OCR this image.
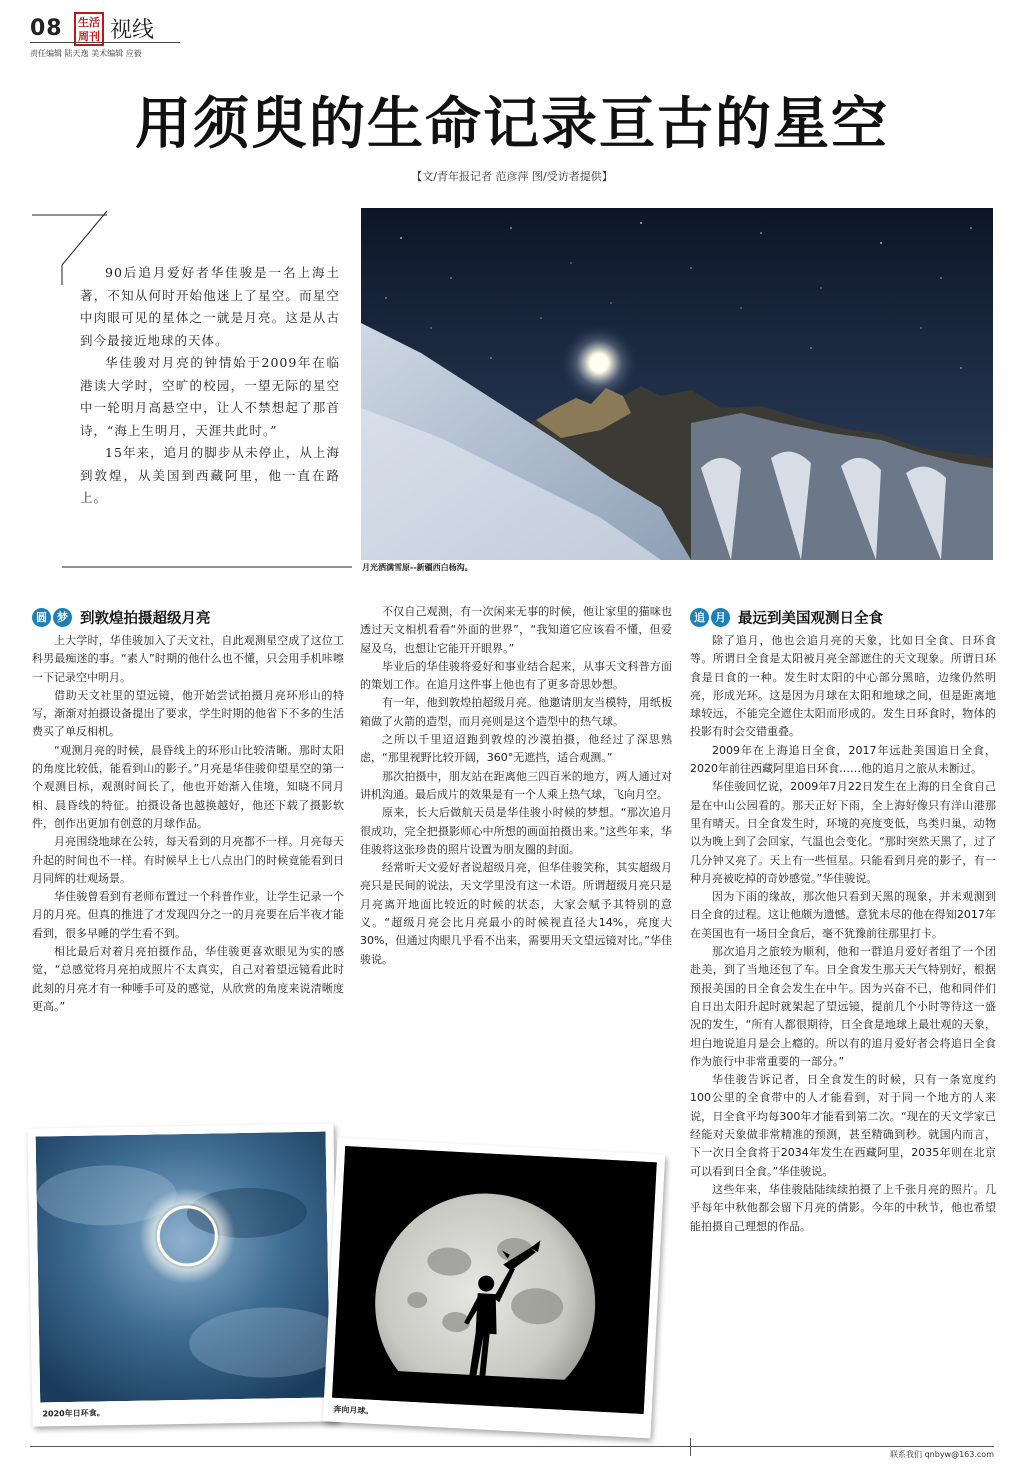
08	生活周刊 视线
责任编辑 陆天逸 美术编辑 应毅
用须臾的生命记录亘古的星空
【文/青年报记者 范彦萍 图/受访者提供】

90后追月爱好者华佳骏是一名上海土著，不知从何时开始他迷上了星空。而星空中肉眼可见的星体之一就是月亮。这是从古到今最接近地球的天体。

华佳骏对月亮的钟情始于2009年在临港读大学时，空旷的校园，一望无际的星空中一轮明月高悬空中，让人不禁想起了那首诗，“海上生明月，天涯共此时。”

15年来，追月的脚步从未停止，从上海到敦煌，从美国到西藏阿里，他一直在路上。

月光洒满雪原--新疆西白杨沟。
圆 梦 到敦煌拍摄超级月亮

上大学时，华佳骏加入了天文社，自此观测星空成了这位工科男最痴迷的事。“素人”时期的他什么也不懂，只会用手机咔嚓一下记录空中明月。

借助天文社里的望远镜，他开始尝试拍摄月亮环形山的特写，渐渐对拍摄设备提出了要求，学生时期的他省下不多的生活费买了单反相机。

“观测月亮的时候，晨昏线上的环形山比较清晰。那时太阳的角度比较低，能看到山的影子。”月亮是华佳骏仰望星空的第一个观测目标，观测时间长了，他也开始渐入佳境，知晓不同月相、晨昏线的特征。拍摄设备也越换越好，他还下载了摄影软件，创作出更加有创意的月球作品。

月亮围绕地球在公转，每天看到的月亮都不一样。月亮每天升起的时间也不一样。有时候早上七八点出门的时候竟能看到日月同辉的壮观场景。

华佳骏曾看到有老师布置过一个科普作业，让学生记录一个月的月亮。但真的推进了才发现四分之一的月亮要在后半夜才能看到，很多早睡的学生看不到。

相比最后对着月亮拍摄作品，华佳骏更喜欢眼见为实的感觉，“总感觉将月亮拍成照片不太真实，自己对着望远镜看此时此刻的月亮才有一种唾手可及的感觉，从欣赏的角度来说清晰度更高。”

不仅自己观测，有一次闲来无事的时候，他让家里的猫咪也透过天文相机看看“外面的世界”，“我知道它应该看不懂，但爱屋及乌，也想让它能开开眼界。”

毕业后的华佳骏将爱好和事业结合起来，从事天文科普方面的策划工作。在追月这件事上他也有了更多奇思妙想。

有一年，他到敦煌拍超级月亮。他邀请朋友当模特，用纸板箱做了火箭的造型，而月亮则是这个造型中的热气球。

之所以千里迢迢跑到敦煌的沙漠拍摄，他经过了深思熟虑，“那里视野比较开阔，360°无遮挡，适合观测。”

那次拍摄中，朋友站在距离他三四百米的地方，两人通过对讲机沟通。最后成片的效果是有一个人乘上热气球，飞向月空。

原来，长大后做航天员是华佳骏小时候的梦想。“那次追月很成功，完全把摄影师心中所想的画面拍摄出来。”这些年来，华佳骏将这张珍贵的照片设置为朋友圈的封面。

经常听天文爱好者说超级月亮，但华佳骏笑称，其实超级月亮只是民间的说法，天文学里没有这一术语。所谓超级月亮只是月亮离开地面比较近的时候的状态，大家会赋予其特别的意义。“超级月亮会比月亮最小的时候视直径大14%，亮度大30%，但通过肉眼几乎看不出来，需要用天文望远镜对比。”华佳骏说。

追 月 最远到美国观测日全食

除了追月，他也会追月亮的天象，比如日全食、日环食等。所谓日全食是太阳被月亮全部遮住的天文现象。所谓日环食是日食的一种。发生时太阳的中心部分黑暗，边缘仍然明亮，形成光环。这是因为月球在太阳和地球之间，但是距离地球较远，不能完全遮住太阳而形成的。发生日环食时，物体的投影有时会交错重叠。

2009年在上海追日全食，2017年远赴美国追日全食，2020年前往西藏阿里追日环食……他的追月之旅从未断过。

华佳骏回忆说，2009年7月22日发生在上海的日全食自己是在中山公园看的。那天正好下雨，全上海好像只有洋山港那里有晴天。日全食发生时，环境的亮度变低，鸟类归巢，动物以为晚上到了会回家，气温也会变化。“那时突然天黑了，过了几分钟又亮了。天上有一些恒星。只能看到月亮的影子，有一种月亮被吃掉的奇妙感觉。”华佳骏说。

因为下雨的缘故，那次他只看到天黑的现象，并未观测到日全食的过程。这让他颇为遗憾。意犹未尽的他在得知2017年在美国也有一场日全食后，毫不犹豫前往那里打卡。

那次追月之旅较为顺利，他和一群追月爱好者组了一个团赴美，到了当地还包了车。日全食发生那天天气特别好，根据预报美国的日全食会发生在中午。因为兴奋不已，他和同伴们自日出太阳升起时就架起了望远镜，提前几个小时等待这一盛况的发生，“所有人都很期待，日全食是地球上最壮观的天象，坦白地说追月是会上瘾的。所以有的追月爱好者会将追日全食作为旅行中非常重要的一部分。”

华佳骏告诉记者，日全食发生的时候，只有一条宽度约100公里的全食带中的人才能看到，对于同一个地方的人来说，日全食平均每300年才能看到第二次。“现在的天文学家已经能对天象做非常精准的预测，甚至精确到秒。就国内而言，下一次日全食将于2034年发生在西藏阿里，2035年则在北京可以看到日全食。”华佳骏说。

这些年来，华佳骏陆陆续续拍摄了上千张月亮的照片。几乎每年中秋他都会留下月亮的倩影。今年的中秋节，他也希望能拍摄自己理想的作品。

2020年日环食。	奔向月球。
联系我们 qnbyw@163.com
